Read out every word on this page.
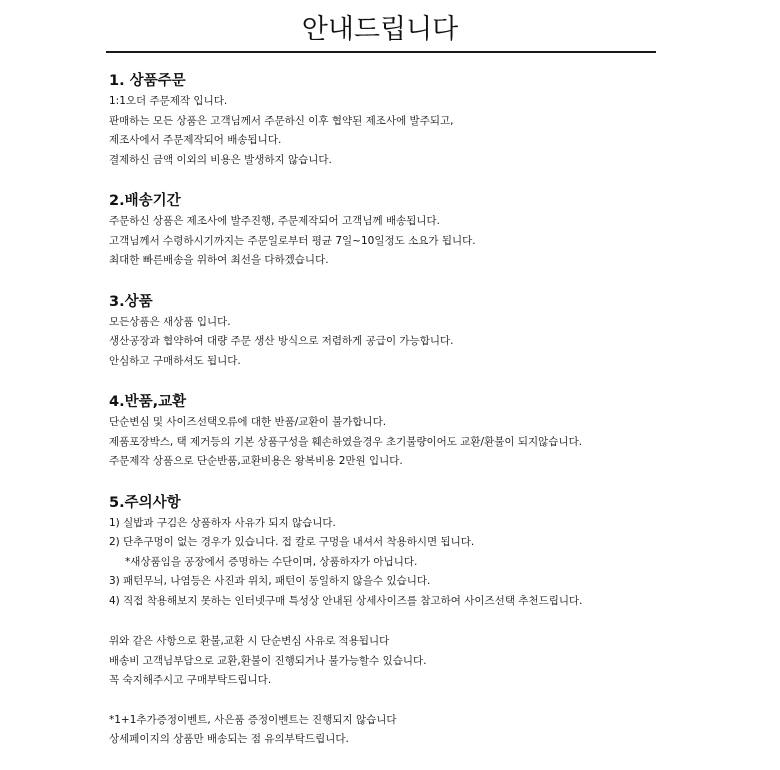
안내드립니다
1. 상품주문
1:1오더 주문제작 입니다.
판매하는 모든 상품은 고객님께서 주문하신 이후 협약된 제조사에 발주되고,
제조사에서 주문제작되어 배송됩니다.
결제하신 금액 이외의 비용은 발생하지 않습니다.
2.배송기간
주문하신 상품은 제조사에 발주진행, 주문제작되어 고객님께 배송됩니다.
고객님께서 수령하시기까지는 주문일로부터 평균 7일~10일정도 소요가 됩니다.
최대한 빠른배송을 위하여 최선을 다하겠습니다.
3.상품
모든상품은 새상품 입니다.
생산공장과 협약하여 대량 주문 생산 방식으로 저렴하게 공급이 가능합니다.
안심하고 구매하셔도 됩니다.
4.반품,교환
단순변심 및 사이즈선택오류에 대한 반품/교환이 불가합니다.
제품포장박스, 택 제거등의 기본 상품구성을 훼손하였을경우 초기불량이어도 교환/환불이 되지않습니다.
주문제작 상품으로 단순반품,교환비용은 왕복비용 2만원 입니다.
5.주의사항
1) 실밥과 구김은 상품하자 사유가 되지 않습니다.
2) 단추구멍이 없는 경우가 있습니다. 접 칼로 구멍을 내셔서 착용하시면 됩니다.
*새상품임을 공장에서 증명하는 수단이며, 상품하자가 아닙니다.
3) 패턴무늬, 나염등은 사진과 위치, 패턴이 동일하지 않을수 있습니다.
4) 직접 착용해보지 못하는 인터넷구매 특성상 안내된 상세사이즈를 참고하여 사이즈선택 추천드립니다.
위와 같은 사항으로 환불,교환 시 단순변심 사유로 적용됩니다
배송비 고객님부담으로 교환,환불이 진행되거나 불가능할수 있습니다.
꼭 숙지해주시고 구매부탁드립니다.
*1+1추가증정이벤트, 사은품 증정이벤트는 진행되지 않습니다
상세페이지의 상품만 배송되는 점 유의부탁드립니다.
